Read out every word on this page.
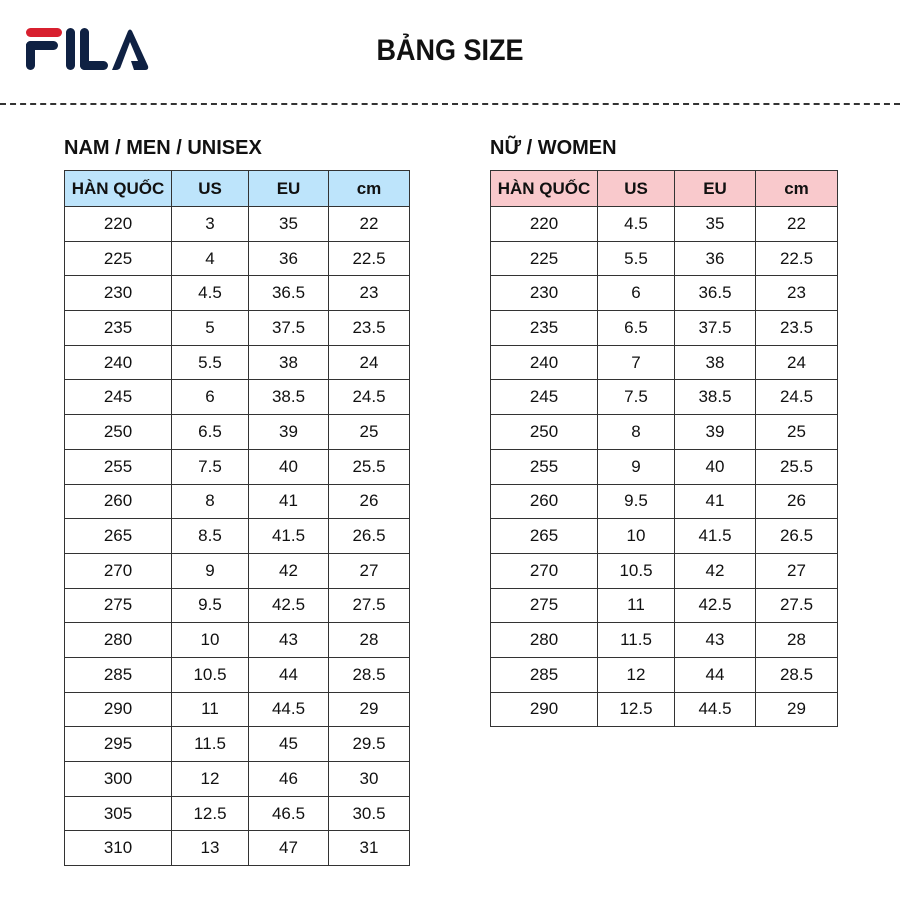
BẢNG SIZE
NAM / MEN / UNISEX
HÀN QUỐC	US	EU	cm
220	3	35	22
225	4	36	22.5
230	4.5	36.5	23
235	5	37.5	23.5
240	5.5	38	24
245	6	38.5	24.5
250	6.5	39	25
255	7.5	40	25.5
260	8	41	26
265	8.5	41.5	26.5
270	9	42	27
275	9.5	42.5	27.5
280	10	43	28
285	10.5	44	28.5
290	11	44.5	29
295	11.5	45	29.5
300	12	46	30
305	12.5	46.5	30.5
310	13	47	31
NỮ / WOMEN
HÀN QUỐC	US	EU	cm
220	4.5	35	22
225	5.5	36	22.5
230	6	36.5	23
235	6.5	37.5	23.5
240	7	38	24
245	7.5	38.5	24.5
250	8	39	25
255	9	40	25.5
260	9.5	41	26
265	10	41.5	26.5
270	10.5	42	27
275	11	42.5	27.5
280	11.5	43	28
285	12	44	28.5
290	12.5	44.5	29
